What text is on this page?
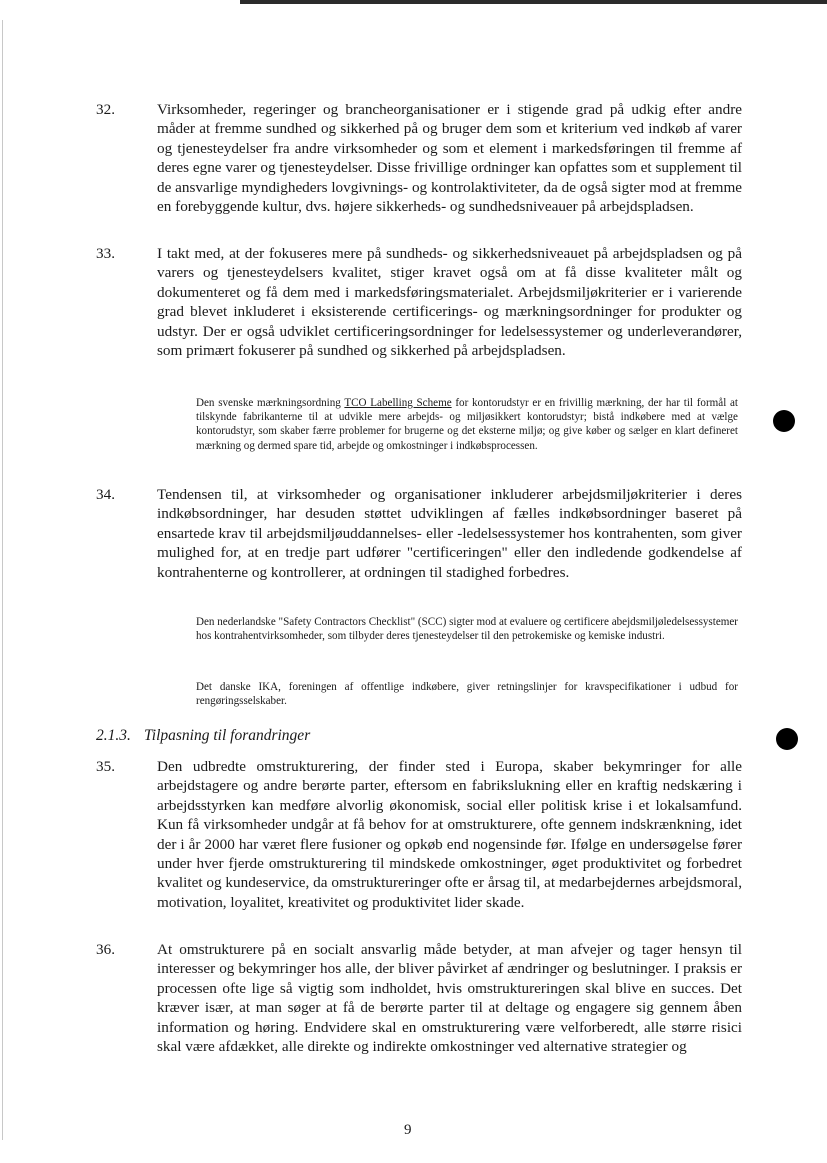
32.	Virksomheder, regeringer og brancheorganisationer er i stigende grad på udkig efter andre måder at fremme sundhed og sikkerhed på og bruger dem som et kriterium ved indkøb af varer og tjenesteydelser fra andre virksomheder og som et element i markedsføringen til fremme af deres egne varer og tjenesteydelser. Disse frivillige ordninger kan opfattes som et supplement til de ansvarlige myndigheders lovgivnings- og kontrolaktiviteter, da de også sigter mod at fremme en forebyggende kultur, dvs. højere sikkerheds- og sundhedsniveauer på arbejdspladsen.
33.	I takt med, at der fokuseres mere på sundheds- og sikkerhedsniveauet på arbejdspladsen og på varers og tjenesteydelsers kvalitet, stiger kravet også om at få disse kvaliteter målt og dokumenteret og få dem med i markedsføringsmaterialet. Arbejdsmiljøkriterier er i varierende grad blevet inkluderet i eksisterende certificerings- og mærkningsordninger for produkter og udstyr. Der er også udviklet certificeringsordninger for ledelsessystemer og underleverandører, som primært fokuserer på sundhed og sikkerhed på arbejdspladsen.
Den svenske mærkningsordning TCO Labelling Scheme for kontorudstyr er en frivillig mærkning, der har til formål at tilskynde fabrikanterne til at udvikle mere arbejds- og miljøsikkert kontorudstyr; bistå indkøbere med at vælge kontorudstyr, som skaber færre problemer for brugerne og det eksterne miljø; og give køber og sælger en klart defineret mærkning og dermed spare tid, arbejde og omkostninger i indkøbsprocessen.
34.	Tendensen til, at virksomheder og organisationer inkluderer arbejdsmiljøkriterier i deres indkøbsordninger, har desuden støttet udviklingen af fælles indkøbsordninger baseret på ensartede krav til arbejdsmiljøuddannelses- eller -ledelsessystemer hos kontrahenten, som giver mulighed for, at en tredje part udfører "certificeringen" eller den indledende godkendelse af kontrahenterne og kontrollerer, at ordningen til stadighed forbedres.
Den nederlandske "Safety Contractors Checklist" (SCC) sigter mod at evaluere og certificere abejdsmiljøledelsessystemer hos kontrahentvirksomheder, som tilbyder deres tjenesteydelser til den petrokemiske og kemiske industri.
Det danske IKA, foreningen af offentlige indkøbere, giver retningslinjer for kravspecifikationer i udbud for rengøringsselskaber.
2.1.3. Tilpasning til forandringer
35.	Den udbredte omstrukturering, der finder sted i Europa, skaber bekymringer for alle arbejdstagere og andre berørte parter, eftersom en fabrikslukning eller en kraftig nedskæring i arbejdsstyrken kan medføre alvorlig økonomisk, social eller politisk krise i et lokalsamfund. Kun få virksomheder undgår at få behov for at omstrukturere, ofte gennem indskrænkning, idet der i år 2000 har været flere fusioner og opkøb end nogensinde før. Ifølge en undersøgelse fører under hver fjerde omstrukturering til mindskede omkostninger, øget produktivitet og forbedret kvalitet og kundeservice, da omstruktureringer ofte er årsag til, at medarbejdernes arbejdsmoral, motivation, loyalitet, kreativitet og produktivitet lider skade.
36.	At omstrukturere på en socialt ansvarlig måde betyder, at man afvejer og tager hensyn til interesser og bekymringer hos alle, der bliver påvirket af ændringer og beslutninger. I praksis er processen ofte lige så vigtig som indholdet, hvis omstruktureringen skal blive en succes. Det kræver især, at man søger at få de berørte parter til at deltage og engagere sig gennem åben information og høring. Endvidere skal en omstrukturering være velforberedt, alle større risici skal være afdækket, alle direkte og indirekte omkostninger ved alternative strategier og
9
